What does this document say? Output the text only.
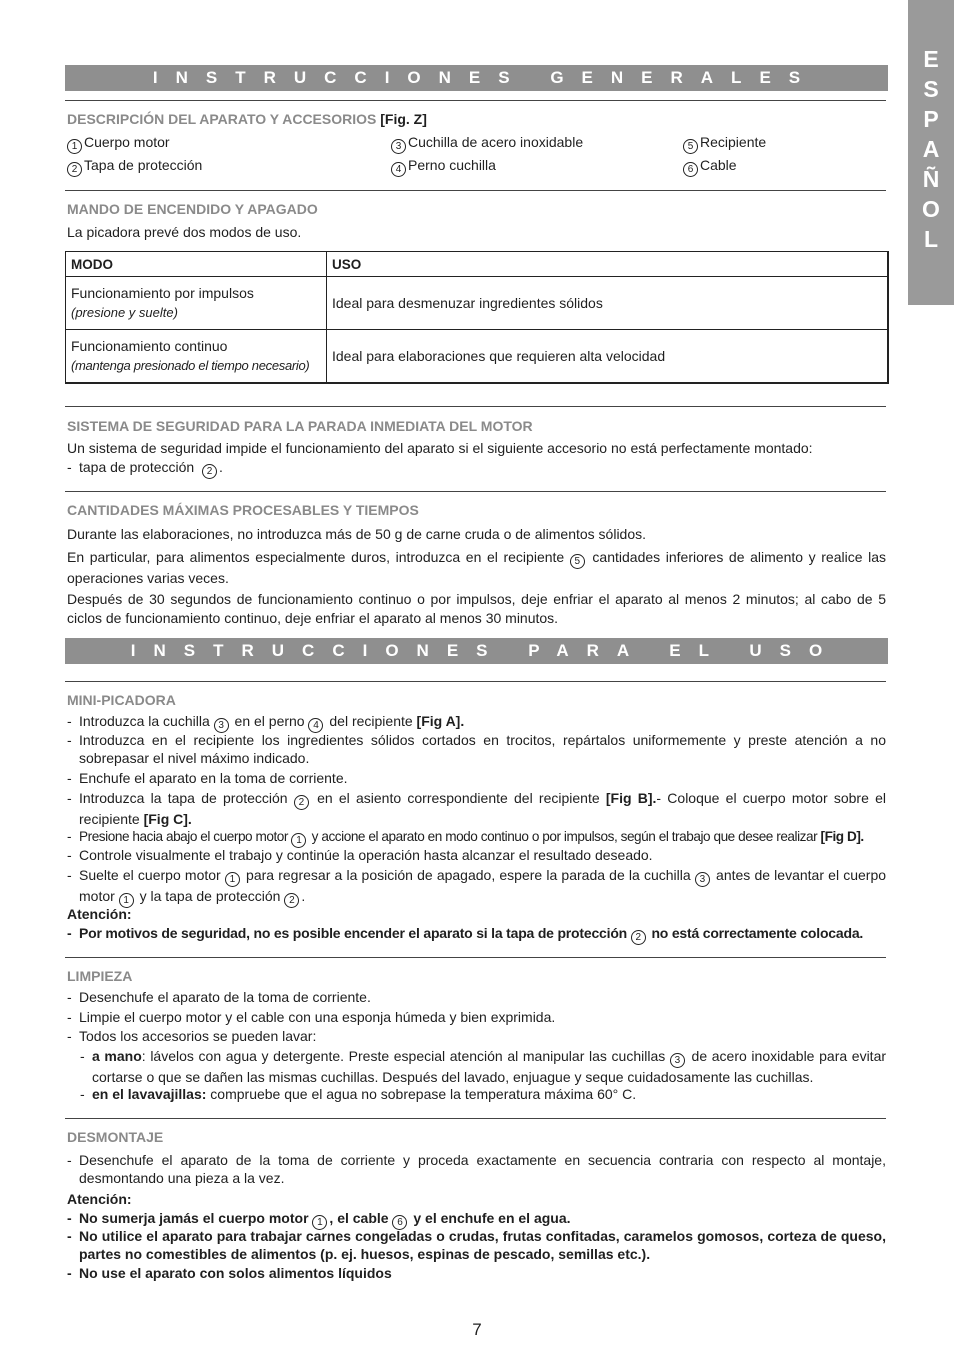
E
S
P
A
Ñ
O
L
INSTRUCCIONES GENERALES
DESCRIPCIÓN DEL APARATO Y ACCESORIOS [Fig. Z]
1 Cuerpo motor
2 Tapa de protección
3 Cuchilla de acero inoxidable
4 Perno cuchilla
5 Recipiente
6 Cable
MANDO DE ENCENDIDO Y APAGADO
La picadora prevé dos modos de uso.
MODO	USO

Funcionamiento por impulsos
(presione y suelte)	Ideal para desmenuzar ingredientes sólidos

Funcionamiento continuo
(mantenga presionado el tiempo necesario)	Ideal para elaboraciones que requieren alta velocidad
SISTEMA DE SEGURIDAD PARA LA PARADA INMEDIATA DEL MOTOR
Un sistema de seguridad impide el funcionamiento del aparato si el siguiente accesorio no está perfectamente montado:
- tapa de protección 2 .
CANTIDADES MÁXIMAS PROCESABLES Y TIEMPOS
Durante las elaboraciones, no introduzca más de 50 g de carne cruda o de alimentos sólidos.
En particular, para alimentos especialmente duros, introduzca en el recipiente 5 cantidades inferiores de alimento y realice las operaciones varias veces.
Después de 30 segundos de funcionamiento continuo o por impulsos, deje enfriar el aparato al menos 2 minutos; al cabo de 5 ciclos de funcionamiento continuo, deje enfriar el aparato al menos 30 minutos.
INSTRUCCIONES PARA EL USO
MINI-PICADORA
- Introduzca la cuchilla 3 en el perno 4 del recipiente [Fig A].
- Introduzca en el recipiente los ingredientes sólidos cortados en trocitos, repártalos uniformemente y preste atención a no sobrepasar el nivel máximo indicado.
- Enchufe el aparato en la toma de corriente.
- Introduzca la tapa de protección 2 en el asiento correspondiente del recipiente [Fig B].- Coloque el cuerpo motor sobre el recipiente [Fig C].
- Presione hacia abajo el cuerpo motor 1 y accione el aparato en modo continuo o por impulsos, según el trabajo que desee realizar [Fig D].
- Controle visualmente el trabajo y continúe la operación hasta alcanzar el resultado deseado.
- Suelte el cuerpo motor 1 para regresar a la posición de apagado, espere la parada de la cuchilla 3 antes de levantar el cuerpo motor 1 y la tapa de protección 2 .
Atención:
- Por motivos de seguridad, no es posible encender el aparato si la tapa de protección 2 no está correctamente colocada.
LIMPIEZA
- Desenchufe el aparato de la toma de corriente.
- Limpie el cuerpo motor y el cable con una esponja húmeda y bien exprimida.
- Todos los accesorios se pueden lavar:
- a mano: lávelos con agua y detergente. Preste especial atención al manipular las cuchillas 3 de acero inoxidable para evitar cortarse o que se dañen las mismas cuchillas. Después del lavado, enjuague y seque cuidadosamente las cuchillas.
- en el lavavajillas: compruebe que el agua no sobrepase la temperatura máxima 60° C.
DESMONTAJE
- Desenchufe el aparato de la toma de corriente y proceda exactamente en secuencia contraria con respecto al montaje, desmontando una pieza a la vez.
Atención:
- No sumerja jamás el cuerpo motor 1 , el cable 6 y el enchufe en el agua.
- No utilice el aparato para trabajar carnes congeladas o crudas, frutas confitadas, caramelos gomosos, corteza de queso, partes no comestibles de alimentos (p. ej. huesos, espinas de pescado, semillas etc.).
- No use el aparato con solos alimentos líquidos
7
